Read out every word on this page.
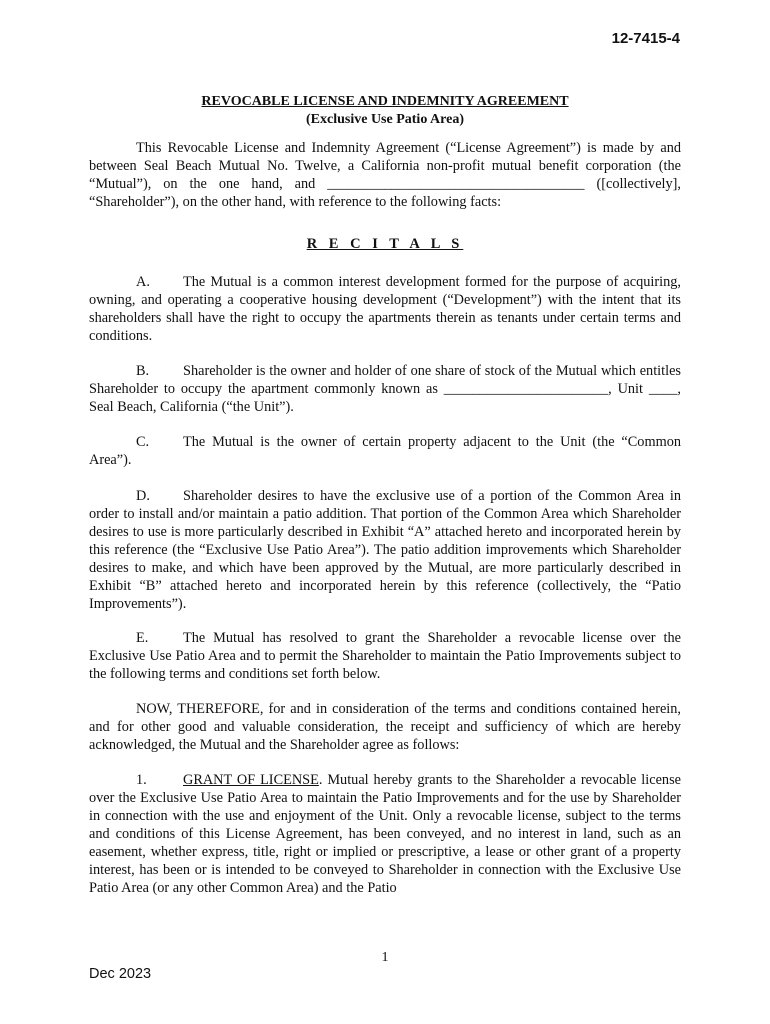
12-7415-4
REVOCABLE LICENSE AND INDEMNITY AGREEMENT
(Exclusive Use Patio Area)

This Revocable License and Indemnity Agreement (“License Agreement”) is made by and between Seal Beach Mutual No. Twelve, a California non-profit mutual benefit corporation (the “Mutual”), on the one hand, and ____________________________________ ([collectively], “Shareholder”), on the other hand, with reference to the following facts:

R E C I T A L S

A. The Mutual is a common interest development formed for the purpose of acquiring, owning, and operating a cooperative housing development (“Development”) with the intent that its shareholders shall have the right to occupy the apartments therein as tenants under certain terms and conditions.

B. Shareholder is the owner and holder of one share of stock of the Mutual which entitles Shareholder to occupy the apartment commonly known as _______________________, Unit ____, Seal Beach, California (“the Unit”).

C. The Mutual is the owner of certain property adjacent to the Unit (the “Common Area”).

D. Shareholder desires to have the exclusive use of a portion of the Common Area in order to install and/or maintain a patio addition. That portion of the Common Area which Shareholder desires to use is more particularly described in Exhibit “A” attached hereto and incorporated herein by this reference (the “Exclusive Use Patio Area”). The patio addition improvements which Shareholder desires to make, and which have been approved by the Mutual, are more particularly described in Exhibit “B” attached hereto and incorporated herein by this reference (collectively, the “Patio Improvements”).

E. The Mutual has resolved to grant the Shareholder a revocable license over the Exclusive Use Patio Area and to permit the Shareholder to maintain the Patio Improvements subject to the following terms and conditions set forth below.

NOW, THEREFORE, for and in consideration of the terms and conditions contained herein, and for other good and valuable consideration, the receipt and sufficiency of which are hereby acknowledged, the Mutual and the Shareholder agree as follows:

1.	GRANT OF LICENSE. Mutual hereby grants to the Shareholder a revocable license over the Exclusive Use Patio Area to maintain the Patio Improvements and for the use by Shareholder in connection with the use and enjoyment of the Unit. Only a revocable license, subject to the terms and conditions of this License Agreement, has been conveyed, and no interest in land, such as an easement, whether express, title, right or implied or prescriptive, a lease or other grant of a property interest, has been or is intended to be conveyed to Shareholder in connection with the Exclusive Use Patio Area (or any other Common Area) and the Patio

1
Dec 2023
